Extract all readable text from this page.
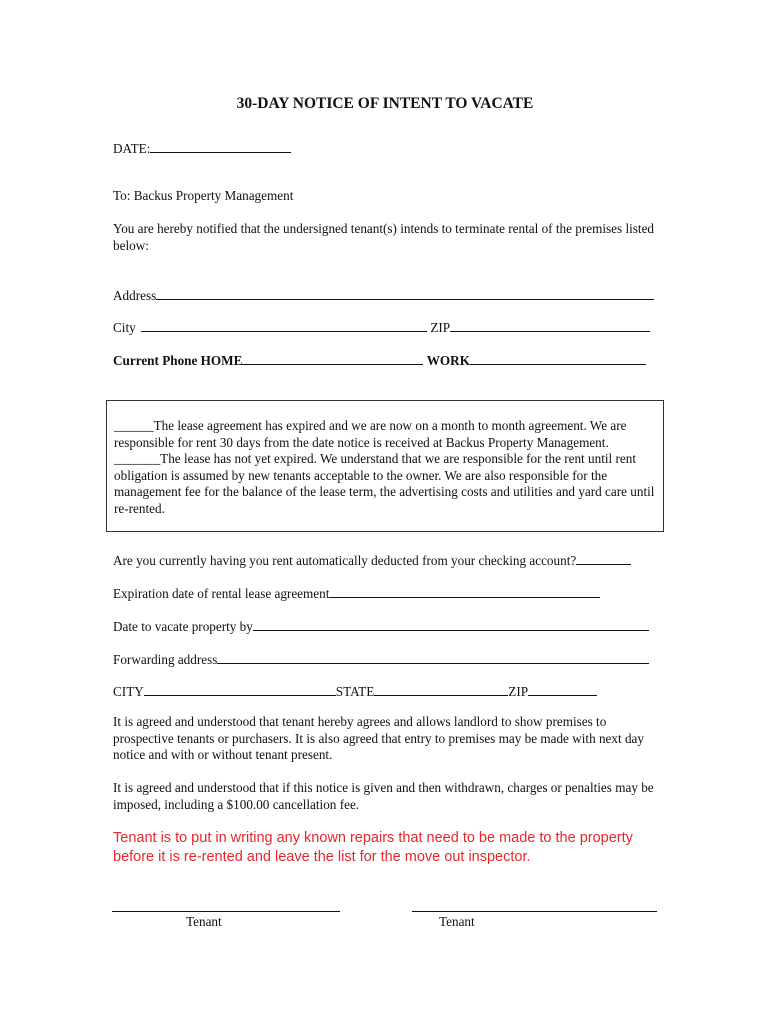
30-DAY NOTICE OF INTENT TO VACATE
DATE:
To: Backus Property Management
You are hereby notified that the undersigned tenant(s) intends to terminate rental of the premises listed below:
Address
City	ZIP
Current Phone HOME	WORK
______The lease agreement has expired and we are now on a month to month agreement. We are responsible for rent 30 days from the date notice is received at Backus Property Management. _______The lease has not yet expired. We understand that we are responsible for the rent until rent obligation is assumed by new tenants acceptable to the owner. We are also responsible for the management fee for the balance of the lease term, the advertising costs and utilities and yard care until re-rented.
Are you currently having you rent automatically deducted from your checking account?
Expiration date of rental lease agreement
Date to vacate property by
Forwarding address
CITY	STATE	ZIP
It is agreed and understood that tenant hereby agrees and allows landlord to show premises to prospective tenants or purchasers. It is also agreed that entry to premises may be made with next day notice and with or without tenant present.
It is agreed and understood that if this notice is given and then withdrawn, charges or penalties may be imposed, including a $100.00 cancellation fee.
Tenant is to put in writing any known repairs that need to be made to the property before it is re-rented and leave the list for the move out inspector.
Tenant	Tenant
